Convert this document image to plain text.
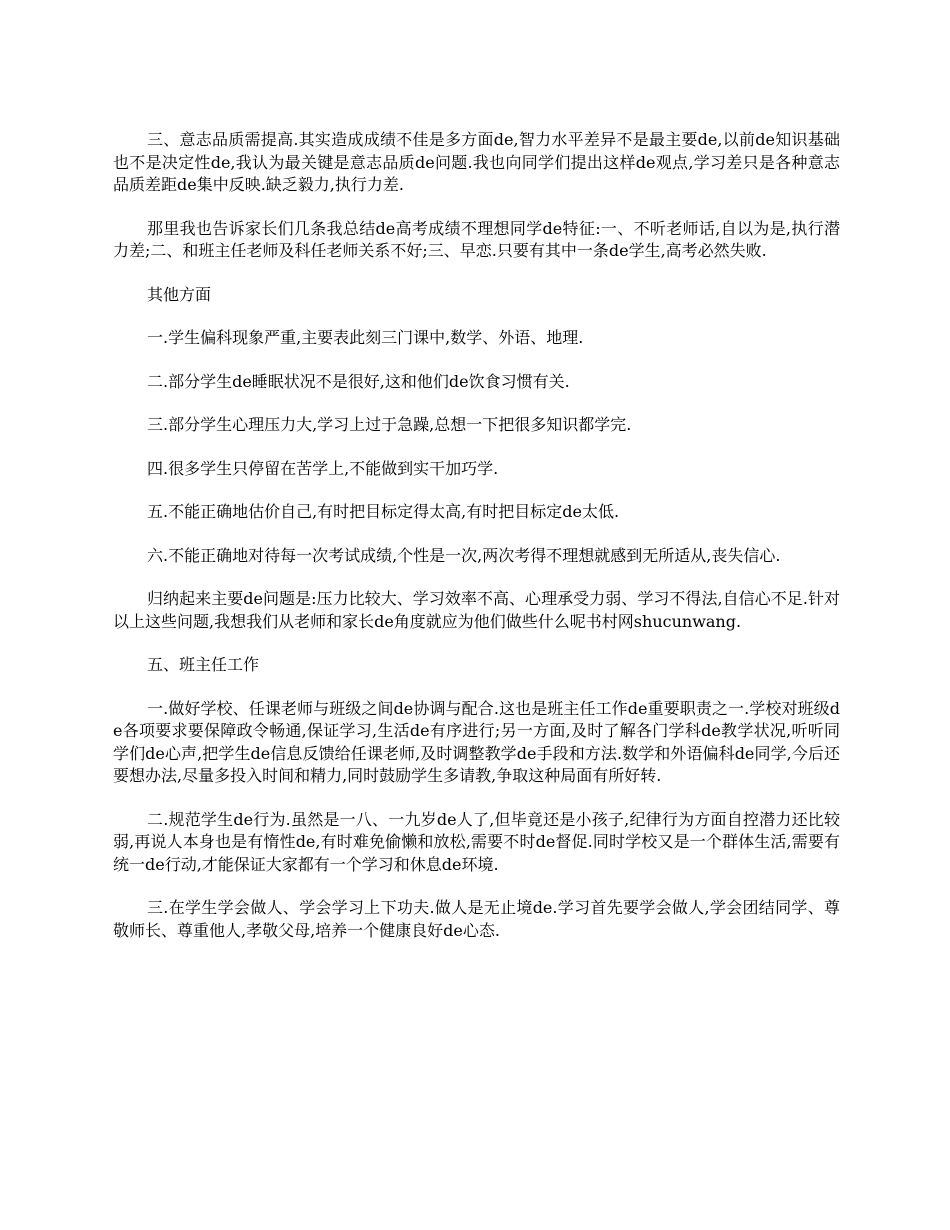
三、意志品质需提高.其实造成成绩不佳是多方面de,智力水平差异不是最主要de,以前de知识基础也不是决定性de,我认为最关键是意志品质de问题.我也向同学们提出这样de观点,学习差只是各种意志品质差距de集中反映.缺乏毅力,执行力差.

那里我也告诉家长们几条我总结de高考成绩不理想同学de特征:一、不听老师话,自以为是,执行潜力差;二、和班主任老师及科任老师关系不好;三、早恋.只要有其中一条de学生,高考必然失败.

其他方面

一.学生偏科现象严重,主要表此刻三门课中,数学、外语、地理.

二.部分学生de睡眠状况不是很好,这和他们de饮食习惯有关.

三.部分学生心理压力大,学习上过于急躁,总想一下把很多知识都学完.

四.很多学生只停留在苦学上,不能做到实干加巧学.

五.不能正确地估价自己,有时把目标定得太高,有时把目标定de太低.

六.不能正确地对待每一次考试成绩,个性是一次,两次考得不理想就感到无所适从,丧失信心.

归纳起来主要de问题是:压力比较大、学习效率不高、心理承受力弱、学习不得法,自信心不足.针对以上这些问题,我想我们从老师和家长de角度就应为他们做些什么呢书村网shucunwang.

五、班主任工作

一.做好学校、任课老师与班级之间de协调与配合.这也是班主任工作de重要职责之一.学校对班级de各项要求要保障政令畅通,保证学习,生活de有序进行;另一方面,及时了解各门学科de教学状况,听听同学们de心声,把学生de信息反馈给任课老师,及时调整教学de手段和方法.数学和外语偏科de同学,今后还要想办法,尽量多投入时间和精力,同时鼓励学生多请教,争取这种局面有所好转.

二.规范学生de行为.虽然是一八、一九岁de人了,但毕竟还是小孩子,纪律行为方面自控潜力还比较弱,再说人本身也是有惰性de,有时难免偷懒和放松,需要不时de督促.同时学校又是一个群体生活,需要有统一de行动,才能保证大家都有一个学习和休息de环境.

三.在学生学会做人、学会学习上下功夫.做人是无止境de.学习首先要学会做人,学会团结同学、尊敬师长、尊重他人,孝敬父母,培养一个健康良好de心态.
